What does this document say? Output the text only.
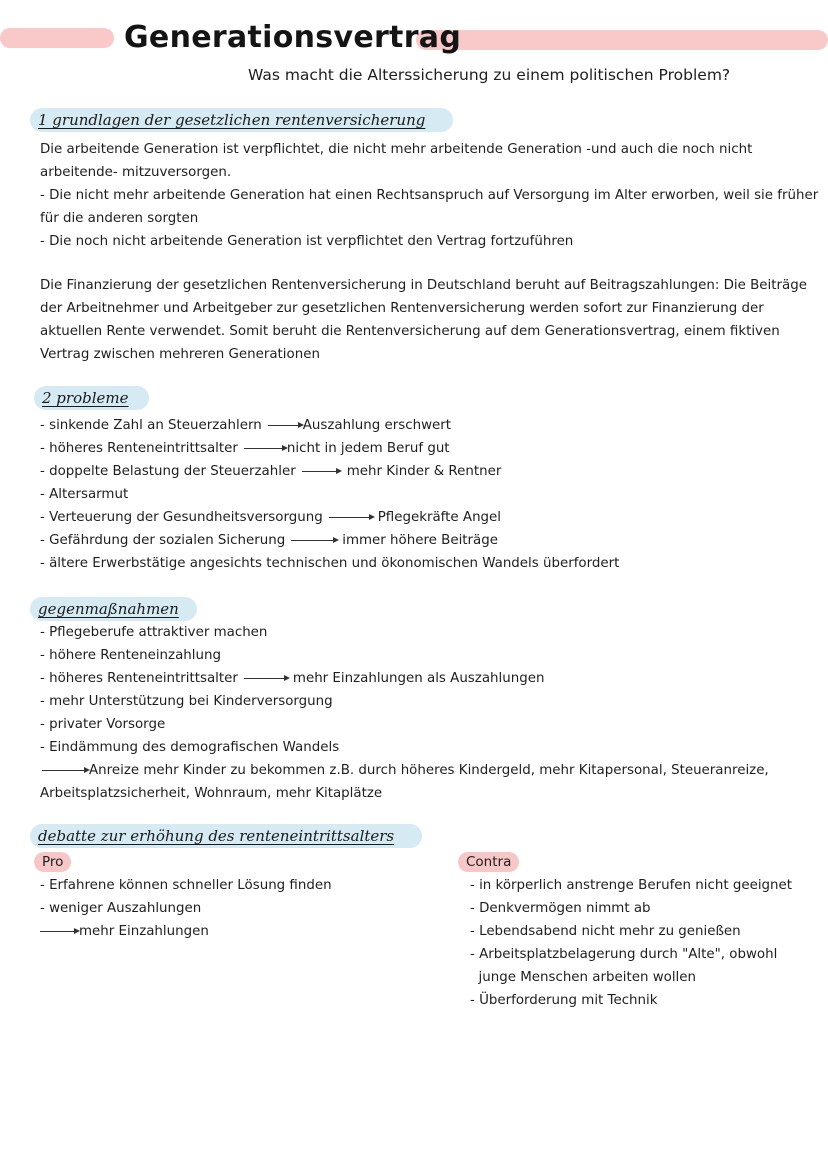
Generationsvertrag
Was macht die Alterssicherung zu einem politischen Problem?
1 grundlagen der gesetzlichen rentenversicherung
Die arbeitende Generation ist verpflichtet, die nicht mehr arbeitende Generation -und auch die noch nicht
arbeitende- mitzuversorgen.
- Die nicht mehr arbeitende Generation hat einen Rechtsanspruch auf Versorgung im Alter erworben, weil sie früher
für die anderen sorgten
- Die noch nicht arbeitende Generation ist verpflichtet den Vertrag fortzuführen
Die Finanzierung der gesetzlichen Rentenversicherung in Deutschland beruht auf Beitragszahlungen: Die Beiträge
der Arbeitnehmer und Arbeitgeber zur gesetzlichen Rentenversicherung werden sofort zur Finanzierung der
aktuellen Rente verwendet. Somit beruht die Rentenversicherung auf dem Generationsvertrag, einem fiktiven
Vertrag zwischen mehreren Generationen
2 probleme
- sinkende Zahl an Steuerzahlern	Auszahlung erschwert
- höheres Renteneintrittsalter	nicht in jedem Beruf gut
- doppelte Belastung der Steuerzahler	mehr Kinder & Rentner
- Altersarmut
- Verteuerung der Gesundheitsversorgung	Pflegekräfte Angel
- Gefährdung der sozialen Sicherung	immer höhere Beiträge
- ältere Erwerbstätige angesichts technischen und ökonomischen Wandels überfordert
gegenmaßnahmen
- Pflegeberufe attraktiver machen
- höhere Renteneinzahlung
- höheres Renteneintrittsalter	mehr Einzahlungen als Auszahlungen
- mehr Unterstützung bei Kinderversorgung
- privater Vorsorge
- Eindämmung des demografischen Wandels
Anreize mehr Kinder zu bekommen z.B. durch höheres Kindergeld, mehr Kitapersonal, Steueranreize,
Arbeitsplatzsicherheit, Wohnraum, mehr Kitaplätze
debatte zur erhöhung des renteneintrittsalters
Pro	Contra
- Erfahrene können schneller Lösung finden
- weniger Auszahlungen
mehr Einzahlungen
- in körperlich anstrenge Berufen nicht geeignet
- Denkvermögen nimmt ab
- Lebendsabend nicht mehr zu genießen
- Arbeitsplatzbelagerung durch "Alte", obwohl
junge Menschen arbeiten wollen
- Überforderung mit Technik
